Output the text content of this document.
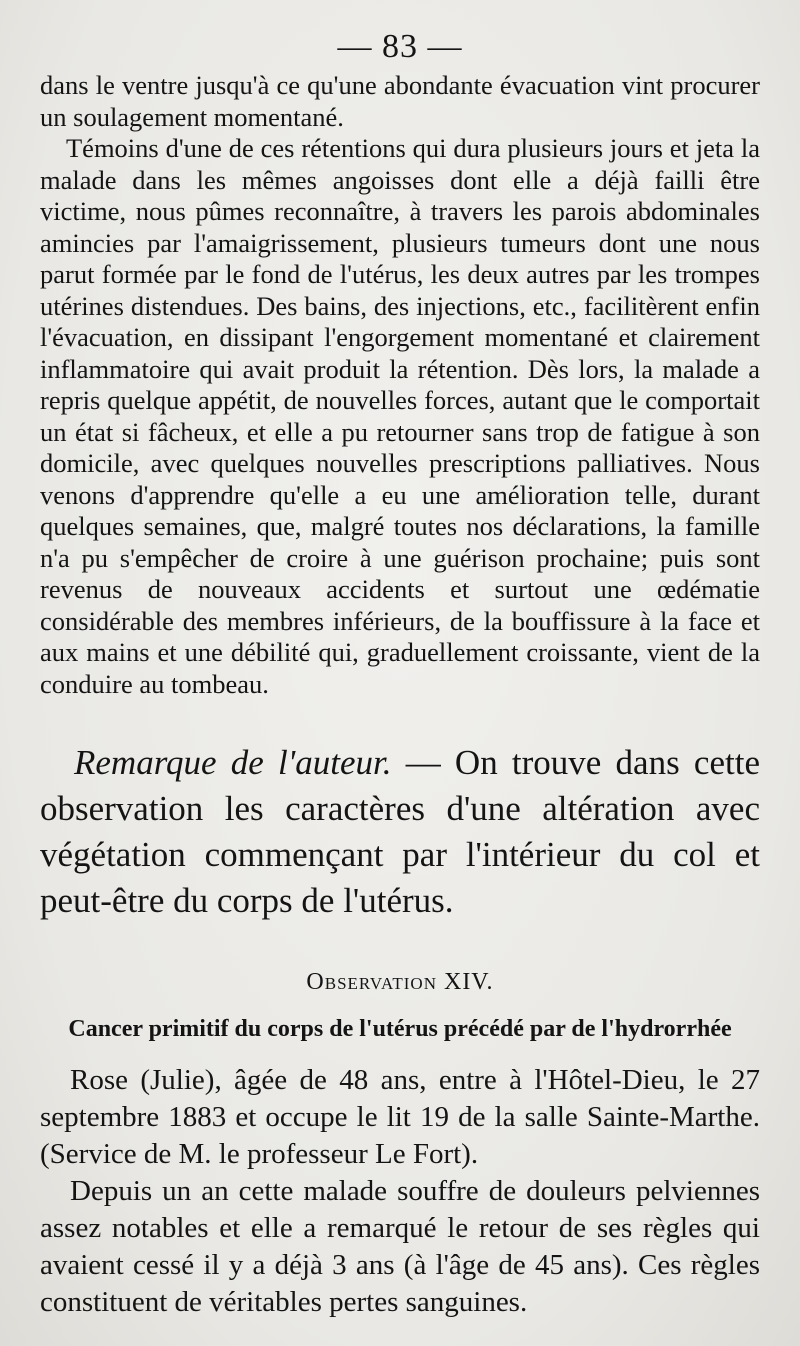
— 83 —

dans le ventre jusqu'à ce qu'une abondante évacuation vint procurer un soulagement momentané.

Témoins d'une de ces rétentions qui dura plusieurs jours et jeta la malade dans les mêmes angoisses dont elle a déjà failli être victime, nous pûmes reconnaître, à travers les parois abdominales amincies par l'amaigrissement, plusieurs tumeurs dont une nous parut formée par le fond de l'utérus, les deux autres par les trompes utérines distendues. Des bains, des injections, etc., facilitèrent enfin l'évacuation, en dissipant l'engorgement momentané et clairement inflammatoire qui avait produit la rétention. Dès lors, la malade a repris quelque appétit, de nouvelles forces, autant que le comportait un état si fâcheux, et elle a pu retourner sans trop de fatigue à son domicile, avec quelques nouvelles prescriptions palliatives. Nous venons d'apprendre qu'elle a eu une amélioration telle, durant quelques semaines, que, malgré toutes nos déclarations, la famille n'a pu s'empêcher de croire à une guérison prochaine; puis sont revenus de nouveaux accidents et surtout une œdématie considérable des membres inférieurs, de la bouffissure à la face et aux mains et une débilité qui, graduellement croissante, vient de la conduire au tombeau.

Remarque de l'auteur. — On trouve dans cette observation les caractères d'une altération avec végétation commençant par l'intérieur du col et peut-être du corps de l'utérus.

Observation XIV.
Cancer primitif du corps de l'utérus précédé par de l'hydrorrhée

Rose (Julie), âgée de 48 ans, entre à l'Hôtel-Dieu, le 27 septembre 1883 et occupe le lit 19 de la salle Sainte-Marthe. (Service de M. le professeur Le Fort).

Depuis un an cette malade souffre de douleurs pelviennes assez notables et elle a remarqué le retour de ses règles qui avaient cessé il y a déjà 3 ans (à l'âge de 45 ans). Ces règles constituent de véritables pertes sanguines.
